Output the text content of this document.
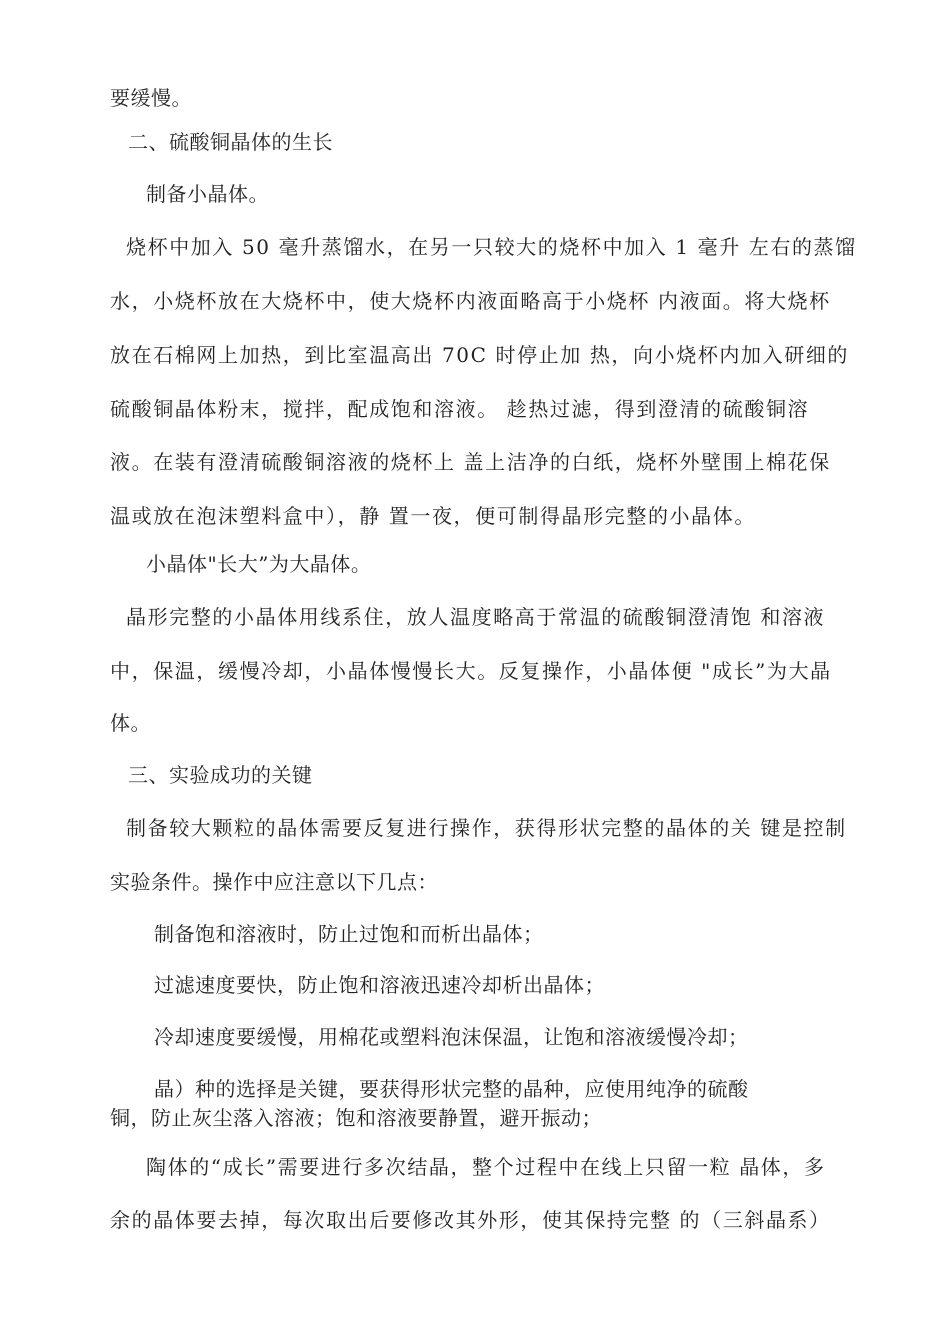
要缓慢。
二、硫酸铜晶体的生长
制备小晶体。
烧杯中加入 50 毫升蒸馏水，在另一只较大的烧杯中加入 1 毫升 左右的蒸馏
水，小烧杯放在大烧杯中，使大烧杯内液面略高于小烧杯 内液面。将大烧杯
放在石棉网上加热，到比室温高出 70C 时停止加 热，向小烧杯内加入研细的
硫酸铜晶体粉末，搅拌，配成饱和溶液。 趁热过滤，得到澄清的硫酸铜溶
液。在装有澄清硫酸铜溶液的烧杯上 盖上洁净的白纸，烧杯外壁围上棉花保
温或放在泡沫塑料盒中），静 置一夜，便可制得晶形完整的小晶体。
小晶体"长大”为大晶体。
晶形完整的小晶体用线系住，放人温度略高于常温的硫酸铜澄清饱 和溶液
中，保温，缓慢冷却，小晶体慢慢长大。反复操作，小晶体便 "成长”为大晶
体。
三、实验成功的关键
制备较大颗粒的晶体需要反复进行操作，获得形状完整的晶体的关 键是控制
实验条件。操作中应注意以下几点：
制备饱和溶液时，防止过饱和而析出晶体；
过滤速度要快，防止饱和溶液迅速冷却析出晶体；
冷却速度要缓慢，用棉花或塑料泡沫保温，让饱和溶液缓慢冷却；
晶）种的选择是关键，要获得形状完整的晶种，应使用纯净的硫酸
铜，防止灰尘落入溶液；饱和溶液要静置，避开振动；
陶体的“成长”需要进行多次结晶，整个过程中在线上只留一粒 晶体，多
余的晶体要去掉，每次取出后要修改其外形，使其保持完整 的（三斜晶系）
